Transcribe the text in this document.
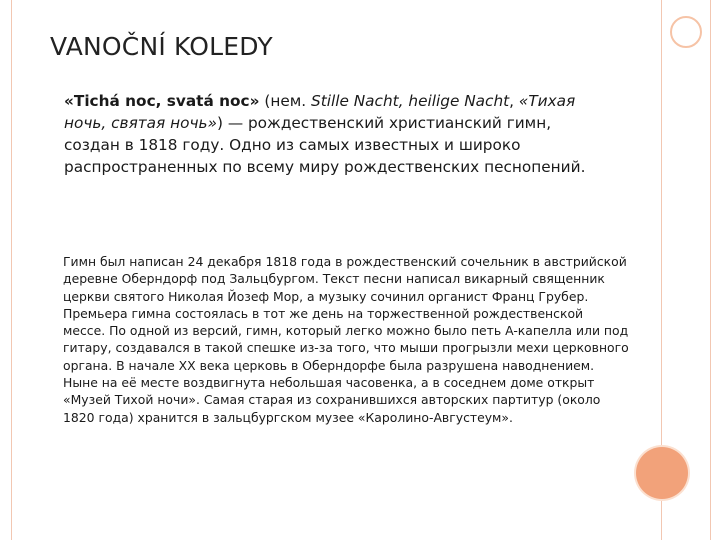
VANOČNÍ KOLEDY
«Tichá noc, svatá noc» (нем. Stille Nacht, heilige Nacht, «Тихая ночь, святая ночь») — рождественский христианский гимн, создан в 1818 году. Одно из самых известных и широко распространенных по всему миру рождественских песнопений.
Гимн был написан 24 декабря 1818 года в рождественский сочельник в австрийской деревне Оберндорф под Зальцбургом. Текст песни написал викарный священник церкви святого Николая Йозеф Мор, а музыку сочинил органист Франц Грубер. Премьера гимна состоялась в тот же день на торжественной рождественской мессе. По одной из версий, гимн, который легко можно было петь A-капелла или под гитару, создавался в такой спешке из-за того, что мыши прогрызли мехи церковного органа. В начале XX века церковь в Оберндорфе была разрушена наводнением. Ныне на её месте воздвигнута небольшая часовенка, а в соседнем доме открыт «Музей Тихой ночи». Самая старая из сохранившихся авторских партитур (около 1820 года) хранится в зальцбургском музее «Каролино-Августеум».
